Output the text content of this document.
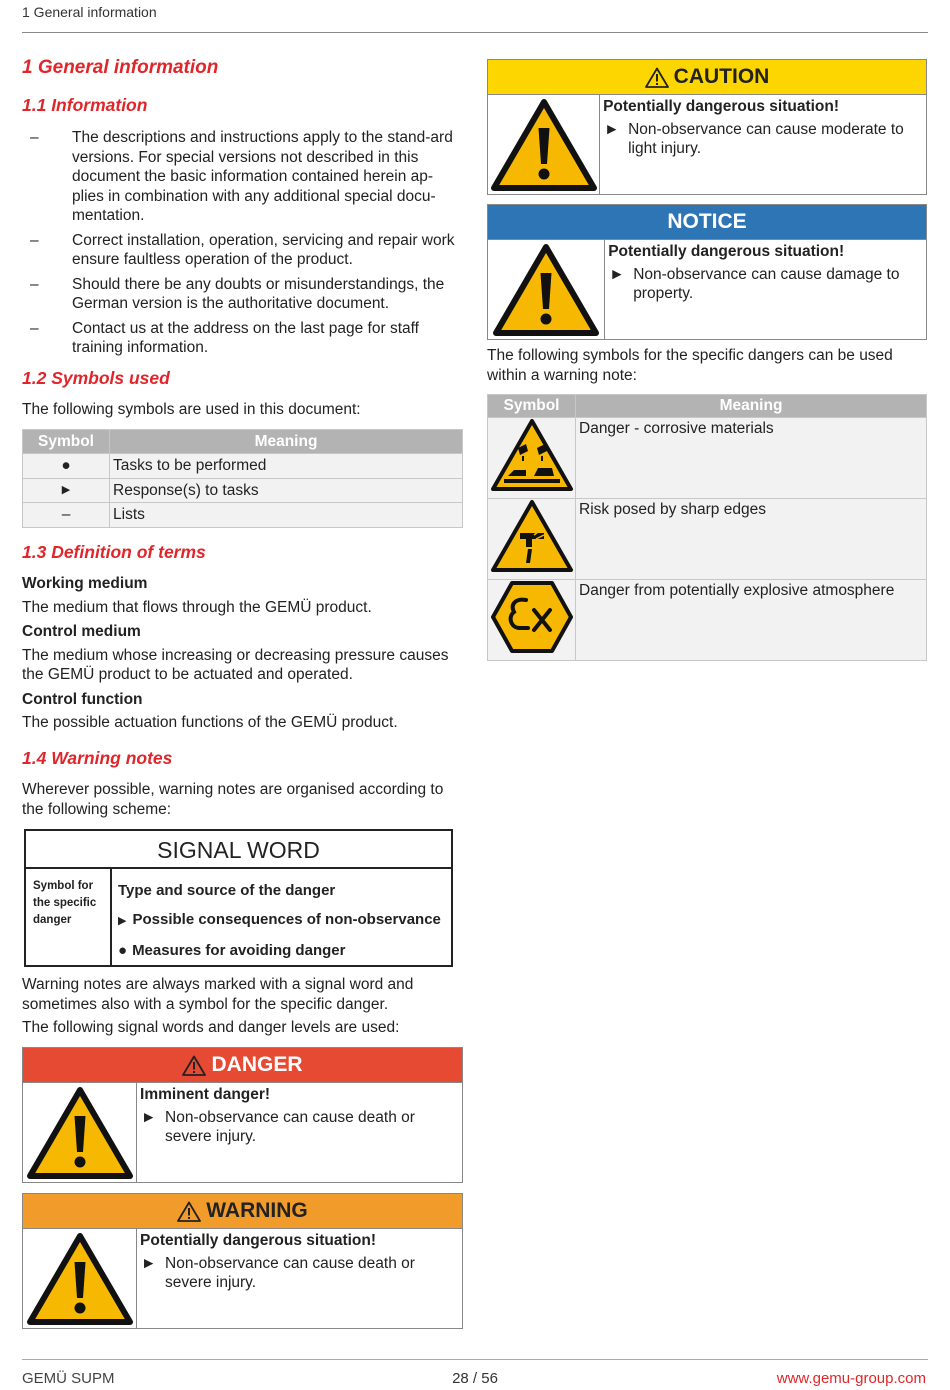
1 General information
1 General information
1.1 Information
– The descriptions and instructions apply to the stand-ard versions. For special versions not described in this document the basic information contained herein ap-plies in combination with any additional special docu-mentation.
– Correct installation, operation, servicing and repair work ensure faultless operation of the product.
– Should there be any doubts or misunderstandings, the German version is the authoritative document.
– Contact us at the address on the last page for staff training information.
1.2 Symbols used
The following symbols are used in this document:
Symbol	Meaning
●	Tasks to be performed
▶	Response(s) to tasks
–	Lists
1.3 Definition of terms
Working medium
The medium that flows through the GEMÜ product.
Control medium
The medium whose increasing or decreasing pressure causes the GEMÜ product to be actuated and operated.
Control function
The possible actuation functions of the GEMÜ product.
1.4 Warning notes
Wherever possible, warning notes are organised according to the following scheme:
SIGNAL WORD
Symbol for the specific danger
Type and source of the danger
▶ Possible consequences of non-observance
● Measures for avoiding danger
Warning notes are always marked with a signal word and sometimes also with a symbol for the specific danger.
The following signal words and danger levels are used:
DANGER
Imminent danger!
► Non-observance can cause death or severe injury.
WARNING
Potentially dangerous situation!
► Non-observance can cause death or severe injury.
CAUTION
Potentially dangerous situation!
► Non-observance can cause moderate to light injury.
NOTICE
Potentially dangerous situation!
► Non-observance can cause damage to property.
The following symbols for the specific dangers can be used within a warning note:
Symbol	Meaning
	Danger - corrosive materials
	Risk posed by sharp edges
	Danger from potentially explosive atmosphere
GEMÜ SUPM	28 / 56	www.gemu-group.com
